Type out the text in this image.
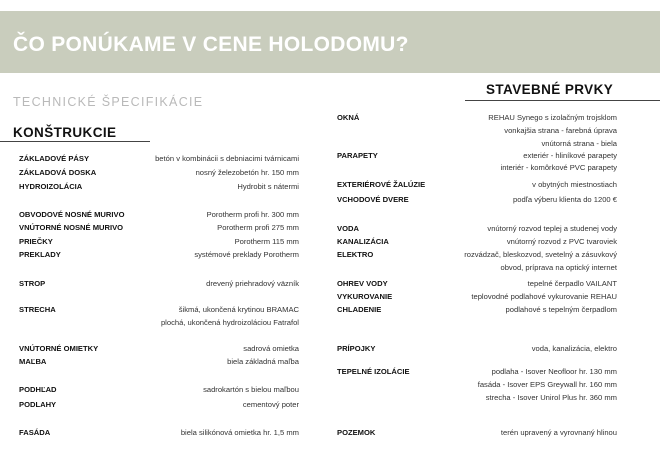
ČO PONÚKAME V CENE HOLODOMU?
TECHNICKÉ ŠPECIFIKÁCIE
KONŠTRUKCIE
STAVEBNÉ PRVKY
ZÁKLADOVÉ PÁSY	betón v kombinácii s debniacimi tvárnicami
ZÁKLADOVÁ DOSKA	nosný železobetón hr. 150 mm
HYDROIZOLÁCIA	Hydrobit s nátermi
OBVODOVÉ NOSNÉ MURIVO	Porotherm profi hr. 300 mm
VNÚTORNÉ NOSNÉ MURIVO	Porotherm profi 275 mm
PRIEČKY	Porotherm 115 mm
PREKLADY	systémové preklady Porotherm
STROP	drevený priehradový väzník
STRECHA	šikmá, ukončená krytinou BRAMAC
plochá, ukončená hydroizoláciou Fatrafol
VNÚTORNÉ OMIETKY	sadrová omietka
MAĽBA	biela základná maľba
PODHĽAD	sadrokartón s bielou maľbou
PODLAHY	cementový poter
FASÁDA	biela silikónová omietka hr. 1,5 mm
OKNÁ	REHAU Synego s izolačným trojsklom
vonkajšia strana - farebná úprava
vnútorná strana - biela
PARAPETY	exteriér - hliníkové parapety
interiér - komôrkové PVC parapety
EXTERIÉROVÉ ŽALÚZIE	v obytných miestnostiach
VCHODOVÉ DVERE	podľa výberu klienta do 1200 €
VODA	vnútorný rozvod teplej a studenej vody
KANALIZÁCIA	vnútorný rozvod z PVC tvaroviek
ELEKTRO	rozvádzač, bleskozvod, svetelný a zásuvkový
obvod, príprava na optický internet
OHREV VODY	tepelné čerpadlo VAILANT
VYKUROVANIE	teplovodné podlahové vykurovanie REHAU
CHLADENIE	podlahové s tepelným čerpadlom
PRÍPOJKY	voda, kanalizácia, elektro
TEPELNÉ IZOLÁCIE	podlaha - Isover Neofloor hr. 130 mm
fasáda - Isover EPS Greywall hr. 160 mm
strecha - Isover Unirol Plus hr. 360 mm
POZEMOK	terén upravený a vyrovnaný hlinou
